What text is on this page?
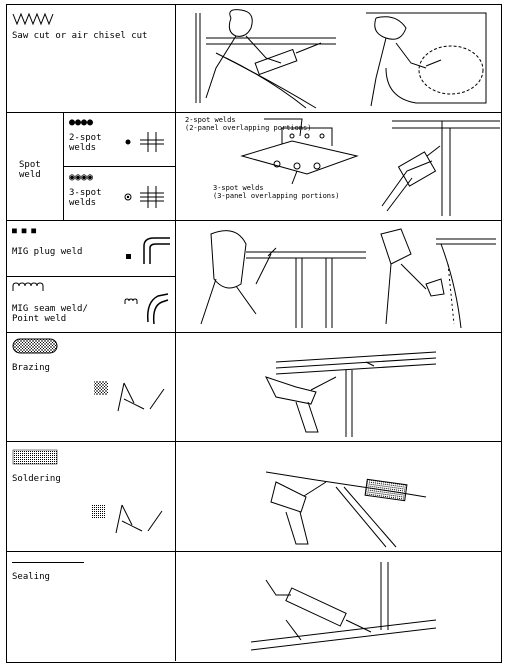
Saw cut or air chisel cut
Spot
weld
●●●●
2-spot
welds
◉◉◉◉
3-spot
welds
2-spot welds
(2-panel overlapping portions)
3-spot welds
(3-panel overlapping portions)
■ ■ ■
MIG plug weld
MIG seam weld/
Point weld
Brazing
Soldering
Sealing
